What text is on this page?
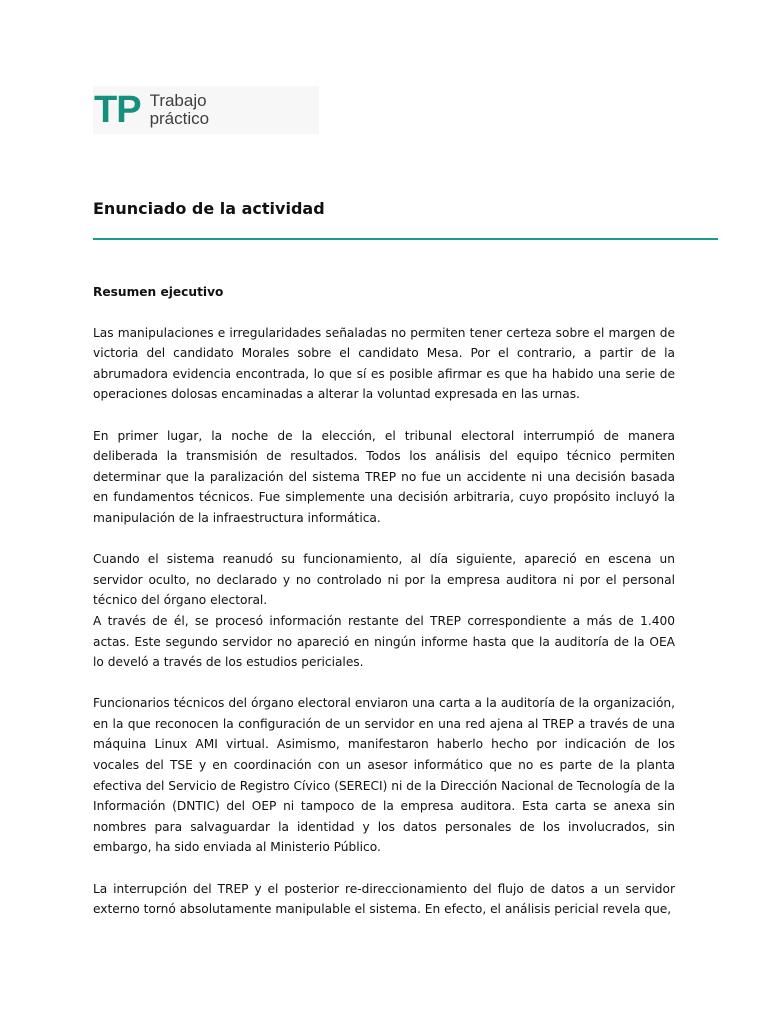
TP Trabajo
práctico
Enunciado de la actividad

Resumen ejecutivo

Las manipulaciones e irregularidades señaladas no permiten tener certeza sobre el margen de victoria del candidato Morales sobre el candidato Mesa. Por el contrario, a partir de la abrumadora evidencia encontrada, lo que sí es posible afirmar es que ha habido una serie de operaciones dolosas encaminadas a alterar la voluntad expresada en las urnas.

En primer lugar, la noche de la elección, el tribunal electoral interrumpió de manera deliberada la transmisión de resultados. Todos los análisis del equipo técnico permiten determinar que la paralización del sistema TREP no fue un accidente ni una decisión basada en fundamentos técnicos. Fue simplemente una decisión arbitraria, cuyo propósito incluyó la manipulación de la infraestructura informática.

Cuando el sistema reanudó su funcionamiento, al día siguiente, apareció en escena un servidor oculto, no declarado y no controlado ni por la empresa auditora ni por el personal técnico del órgano electoral.

A través de él, se procesó información restante del TREP correspondiente a más de 1.400 actas. Este segundo servidor no apareció en ningún informe hasta que la auditoría de la OEA lo develó a través de los estudios periciales.

Funcionarios técnicos del órgano electoral enviaron una carta a la auditoría de la organización, en la que reconocen la configuración de un servidor en una red ajena al TREP a través de una máquina Linux AMI virtual. Asimismo, manifestaron haberlo hecho por indicación de los vocales del TSE y en coordinación con un asesor informático que no es parte de la planta efectiva del Servicio de Registro Cívico (SERECI) ni de la Dirección Nacional de Tecnología de la Información (DNTIC) del OEP ni tampoco de la empresa auditora. Esta carta se anexa sin nombres para salvaguardar la identidad y los datos personales de los involucrados, sin embargo, ha sido enviada al Ministerio Público.

La interrupción del TREP y el posterior re-direccionamiento del flujo de datos a un servidor externo tornó absolutamente manipulable el sistema. En efecto, el análisis pericial revela que,
